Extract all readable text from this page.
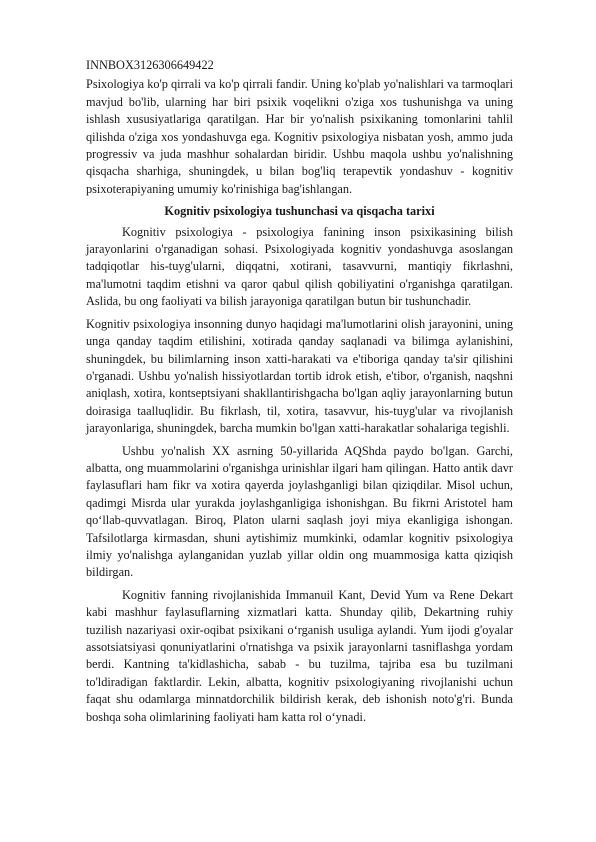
INNBOX3126306649422

Psixologiya ko'p qirrali va ko'p qirrali fandir. Uning ko'plab yo'nalishlari va tarmoqlari mavjud bo'lib, ularning har biri psixik voqelikni o'ziga xos tushunishga va uning ishlash xususiyatlariga qaratilgan. Har bir yo'nalish psixikaning tomonlarini tahlil qilishda o'ziga xos yondashuvga ega. Kognitiv psixologiya nisbatan yosh, ammo juda progressiv va juda mashhur sohalardan biridir. Ushbu maqola ushbu yo'nalishning qisqacha sharhiga, shuningdek, u bilan bog'liq terapevtik yondashuv - kognitiv psixoterapiyaning umumiy ko'rinishiga bag'ishlangan.

Kognitiv psixologiya tushunchasi va qisqacha tarixi

Kognitiv psixologiya - psixologiya fanining inson psixikasining bilish jarayonlarini o'rganadigan sohasi. Psixologiyada kognitiv yondashuvga asoslangan tadqiqotlar his-tuyg'ularni, diqqatni, xotirani, tasavvurni, mantiqiy fikrlashni, ma'lumotni taqdim etishni va qaror qabul qilish qobiliyatini o'rganishga qaratilgan. Aslida, bu ong faoliyati va bilish jarayoniga qaratilgan butun bir tushunchadir.

Kognitiv psixologiya insonning dunyo haqidagi ma'lumotlarini olish jarayonini, uning unga qanday taqdim etilishini, xotirada qanday saqlanadi va bilimga aylanishini, shuningdek, bu bilimlarning inson xatti-harakati va e'tiboriga qanday ta'sir qilishini o'rganadi. Ushbu yo'nalish hissiyotlardan tortib idrok etish, e'tibor, o'rganish, naqshni aniqlash, xotira, kontseptsiyani shakllantirishgacha bo'lgan aqliy jarayonlarning butun doirasiga taalluqlidir. Bu fikrlash, til, xotira, tasavvur, his-tuyg'ular va rivojlanish jarayonlariga, shuningdek, barcha mumkin bo'lgan xatti-harakatlar sohalariga tegishli.

Ushbu yo'nalish XX asrning 50-yillarida AQShda paydo bo'lgan. Garchi, albatta, ong muammolarini o'rganishga urinishlar ilgari ham qilingan. Hatto antik davr faylasuflari ham fikr va xotira qayerda joylashganligi bilan qiziqdilar. Misol uchun, qadimgi Misrda ular yurakda joylashganligiga ishonishgan. Bu fikrni Aristotel ham qo‘llab-quvvatlagan. Biroq, Platon ularni saqlash joyi miya ekanligiga ishongan. Tafsilotlarga kirmasdan, shuni aytishimiz mumkinki, odamlar kognitiv psixologiya ilmiy yo'nalishga aylanganidan yuzlab yillar oldin ong muammosiga katta qiziqish bildirgan.

Kognitiv fanning rivojlanishida Immanuil Kant, Devid Yum va Rene Dekart kabi mashhur faylasuflarning xizmatlari katta. Shunday qilib, Dekartning ruhiy tuzilish nazariyasi oxir-oqibat psixikani o‘rganish usuliga aylandi. Yum ijodi g'oyalar assotsiatsiyasi qonuniyatlarini o'rnatishga va psixik jarayonlarni tasniflashga yordam berdi. Kantning ta'kidlashicha, sabab - bu tuzilma, tajriba esa bu tuzilmani to'ldiradigan faktlardir. Lekin, albatta, kognitiv psixologiyaning rivojlanishi uchun faqat shu odamlarga minnatdorchilik bildirish kerak, deb ishonish noto'g'ri. Bunda boshqa soha olimlarining faoliyati ham katta rol o‘ynadi.
